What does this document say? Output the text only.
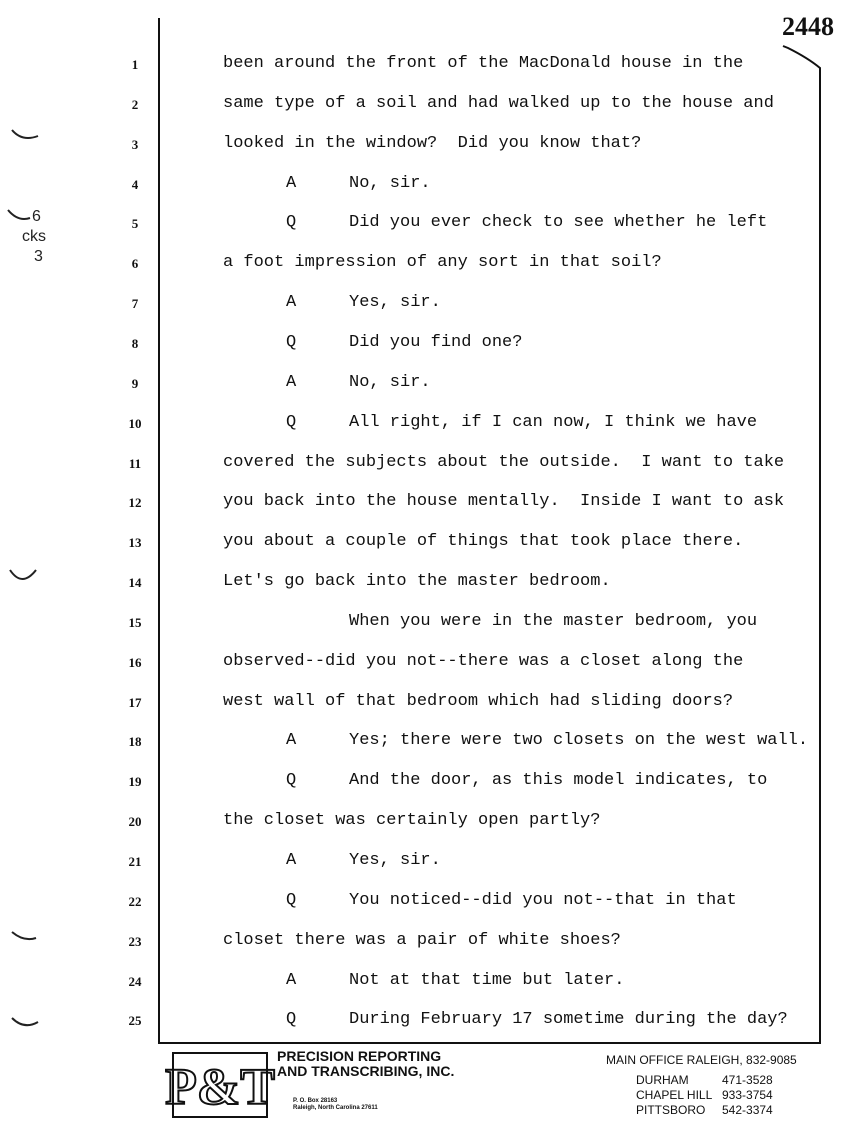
2448
6
cks
3
1	been around the front of the MacDonald house in the
2	same type of a soil and had walked up to the house and
3	looked in the window?  Did you know that?
4	A	No, sir.
5	Q	Did you ever check to see whether he left
6	a foot impression of any sort in that soil?
7	A	Yes, sir.
8	Q	Did you find one?
9	A	No, sir.
10	Q	All right, if I can now, I think we have
11	covered the subjects about the outside.  I want to take
12	you back into the house mentally.  Inside I want to ask
13	you about a couple of things that took place there.
14	Let's go back into the master bedroom.
15	When you were in the master bedroom, you
16	observed--did you not--there was a closet along the
17	west wall of that bedroom which had sliding doors?
18	A	Yes; there were two closets on the west wall.
19	Q	And the door, as this model indicates, to
20	the closet was certainly open partly?
21	A	Yes, sir.
22	Q	You noticed--did you not--that in that
23	closet there was a pair of white shoes?
24	A	Not at that time but later.
25	Q	During February 17 sometime during the day?
P&T
PRECISION REPORTING
AND TRANSCRIBING, INC.
P. O. Box 28163
Raleigh, North Carolina 27611
MAIN OFFICE RALEIGH, 832-9085
DURHAM	471-3528
CHAPEL HILL 933-3754
PITTSBORO 542-3374
